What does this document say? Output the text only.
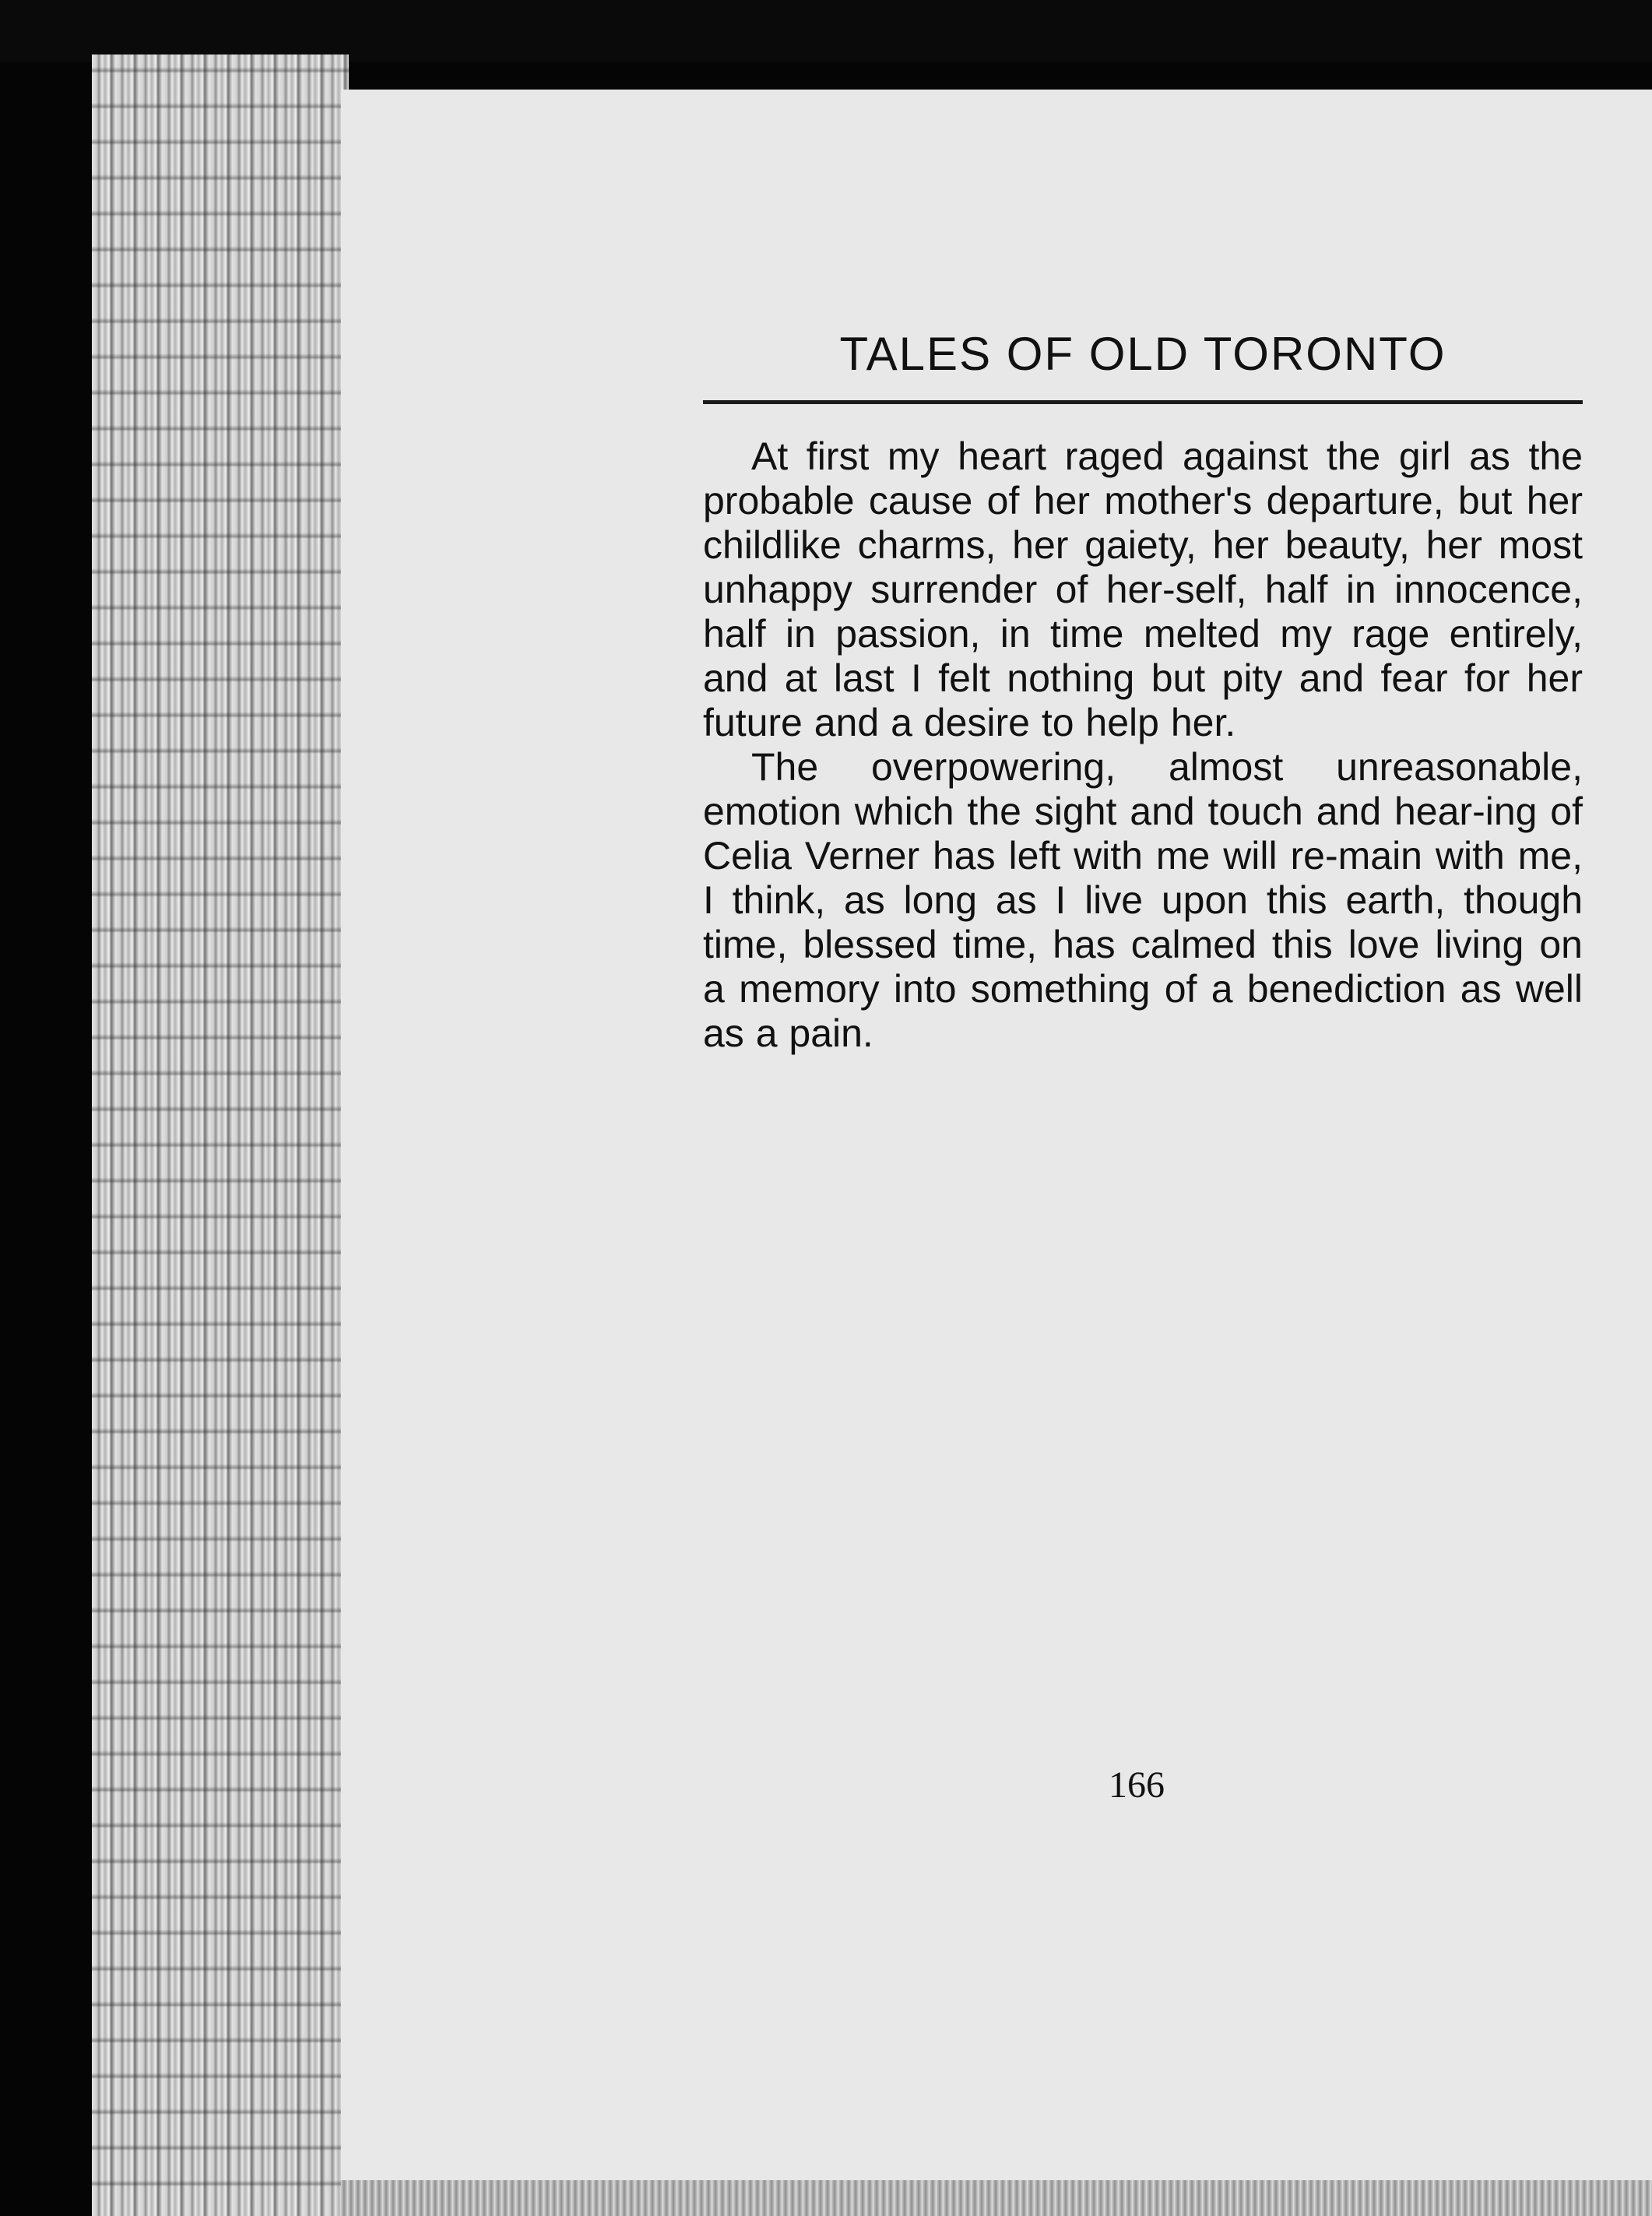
TALES OF OLD TORONTO

At first my heart raged against the girl as the probable cause of her mother's departure, but her childlike charms, her gaiety, her beauty, her most unhappy surrender of her-self, half in innocence, half in passion, in time melted my rage entirely, and at last I felt nothing but pity and fear for her future and a desire to help her.

The overpowering, almost unreasonable, emotion which the sight and touch and hear-ing of Celia Verner has left with me will re-main with me, I think, as long as I live upon this earth, though time, blessed time, has calmed this love living on a memory into something of a benediction as well as a pain.

166
